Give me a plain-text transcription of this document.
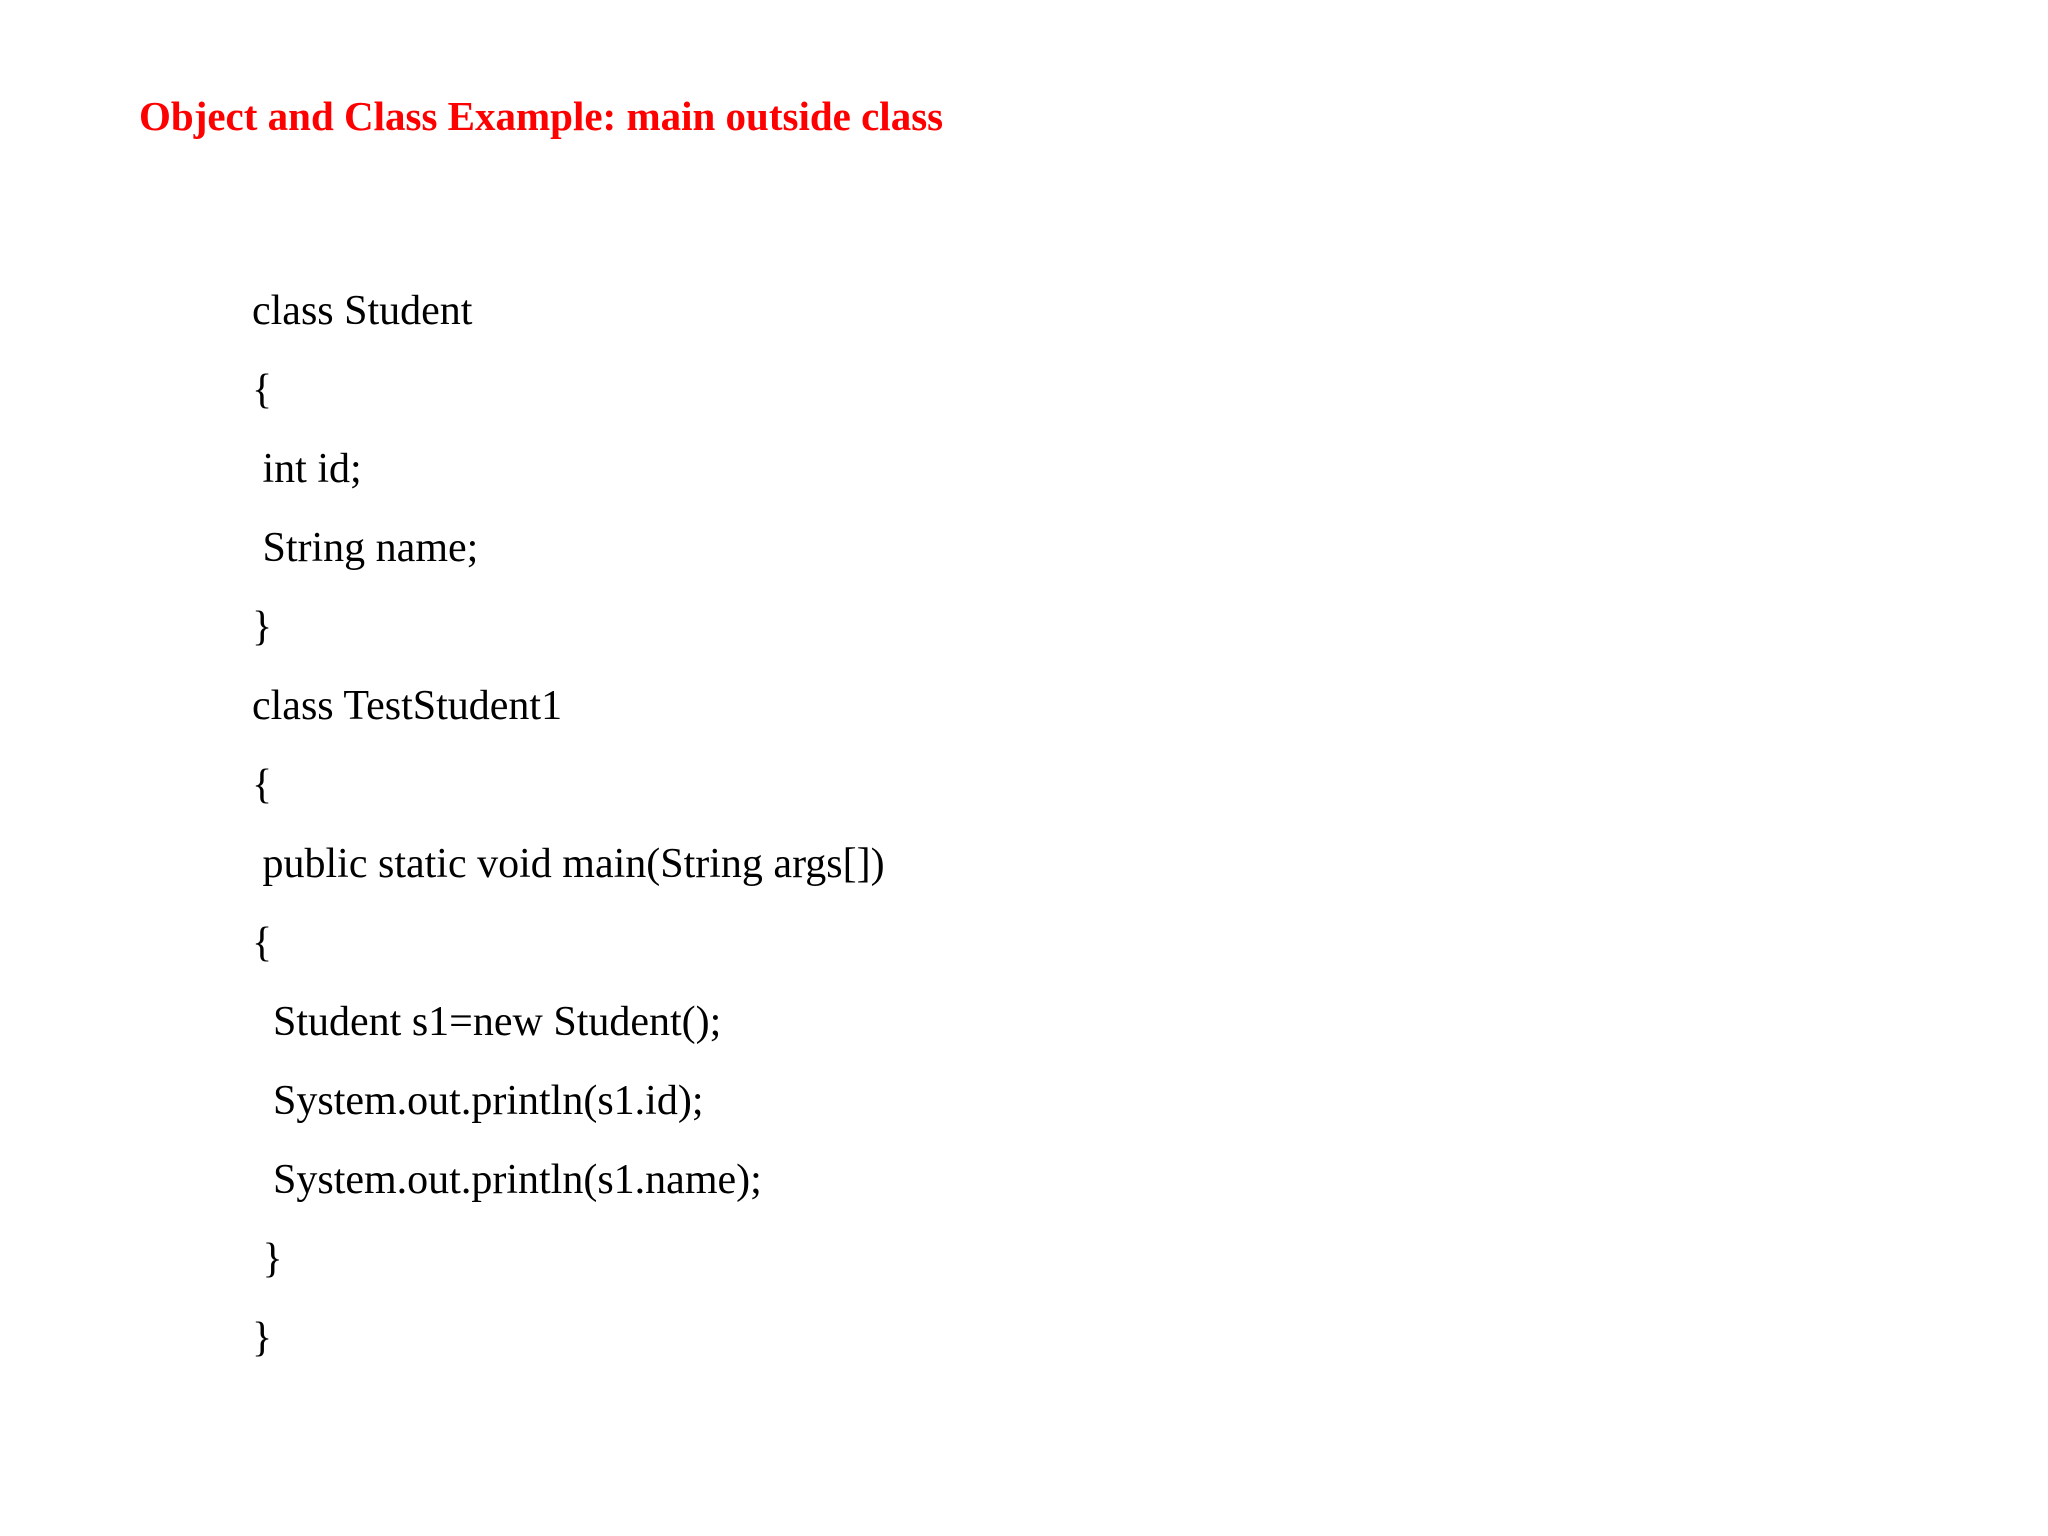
Object and Class Example: main outside class
class Student
{
int id;
String name;
}
class TestStudent1
{
public static void main(String args[])
{
Student s1=new Student();
System.out.println(s1.id);
System.out.println(s1.name);
}
}
